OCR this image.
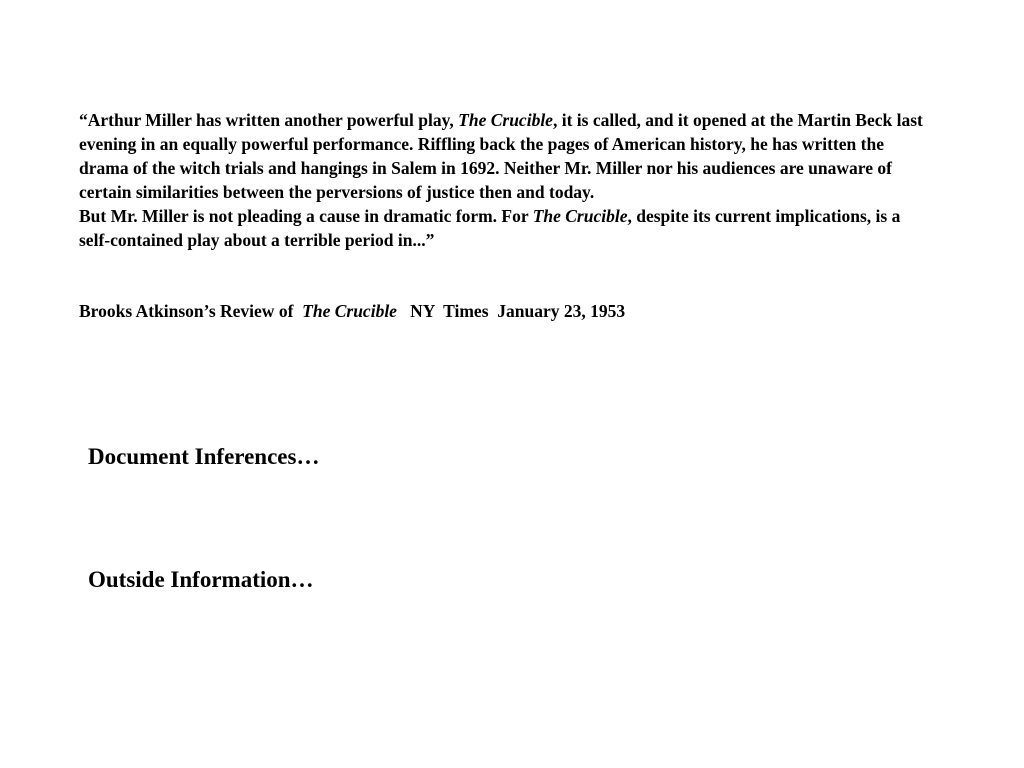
“Arthur Miller has written another powerful play, The Crucible, it is called, and it opened at the Martin Beck last evening in an equally powerful performance. Riffling back the pages of American history, he has written the drama of the witch trials and hangings in Salem in 1692. Neither Mr. Miller nor his audiences are unaware of certain similarities between the perversions of justice then and today.

But Mr. Miller is not pleading a cause in dramatic form. For The Crucible, despite its current implications, is a self-contained play about a terrible period in...”

Brooks Atkinson’s Review of  The Crucible   NY  Times  January 23, 1953
Document Inferences…
Outside Information…
